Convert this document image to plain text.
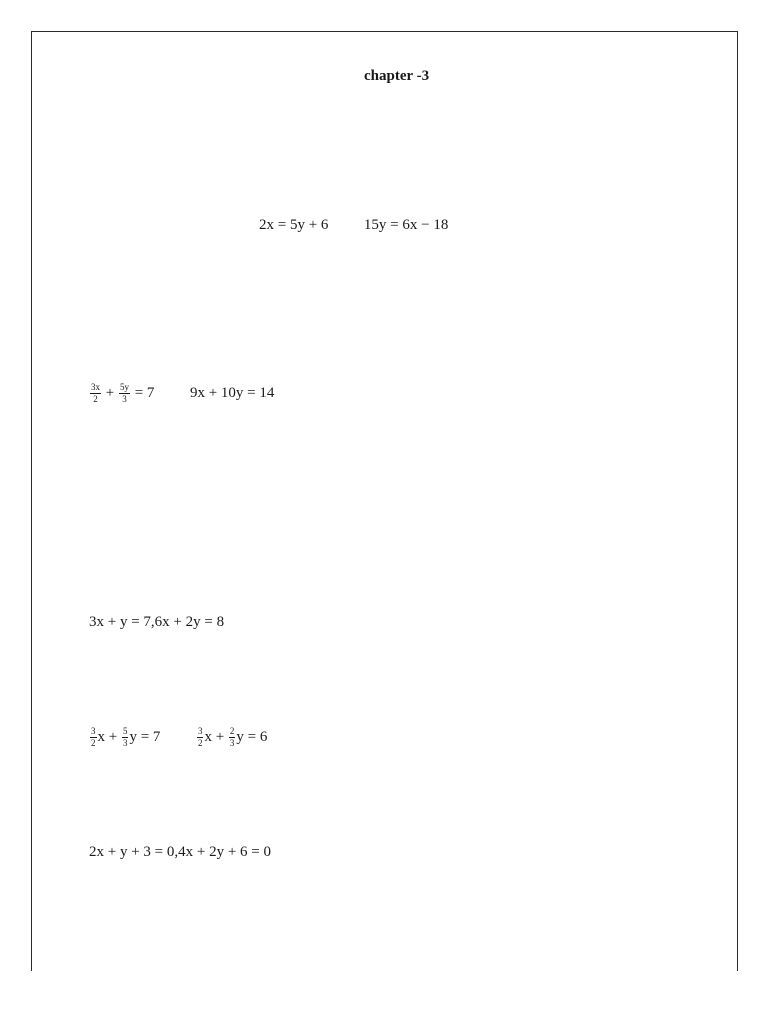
chapter -3
2x = 5y + 6 15y = 6x − 18
$\frac{3x}{2} + \frac{5y}{3} = 7$ 9x + 10y = 14
3x + y = 7,6x + 2y = 8
$\frac{3}{2}$ $x + \frac{5}{3}$ y = 7	$\frac{3}{2}$ $x + \frac{2}{3}$ y = 6
2x + y + 3 = 0,4x + 2y + 6 = 0
